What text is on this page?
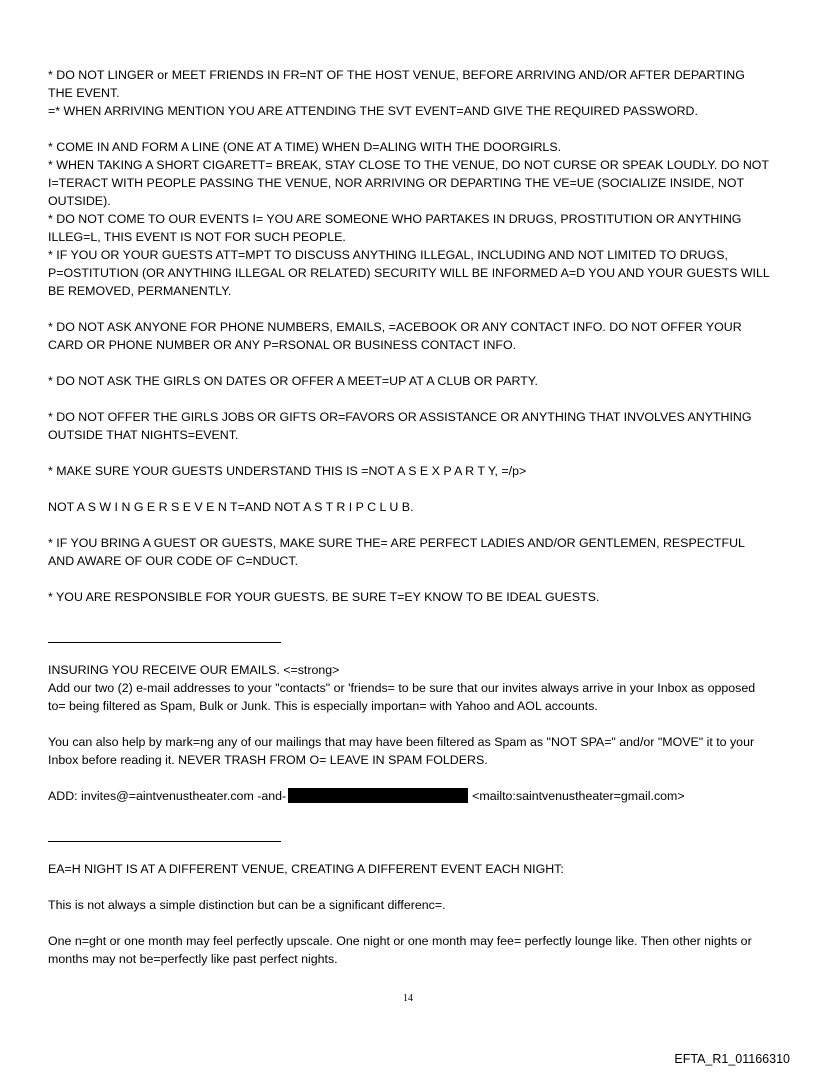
* DO NOT LINGER or MEET FRIENDS IN FR=NT OF THE HOST VENUE, BEFORE ARRIVING AND/OR AFTER DEPARTING THE EVENT.

=* WHEN ARRIVING MENTION YOU ARE ATTENDING THE SVT EVENT=AND GIVE THE REQUIRED PASSWORD.

* COME IN AND FORM A LINE (ONE AT A TIME) WHEN D=ALING WITH THE DOORGIRLS.

* WHEN TAKING A SHORT CIGARETT= BREAK, STAY CLOSE TO THE VENUE, DO NOT CURSE OR SPEAK LOUDLY. DO NOT I=TERACT WITH PEOPLE PASSING THE VENUE, NOR ARRIVING OR DEPARTING THE VE=UE (SOCIALIZE INSIDE, NOT OUTSIDE).

* DO NOT COME TO OUR EVENTS I= YOU ARE SOMEONE WHO PARTAKES IN DRUGS, PROSTITUTION OR ANYTHING ILLEG=L, THIS EVENT IS NOT FOR SUCH PEOPLE.

* IF YOU OR YOUR GUESTS ATT=MPT TO DISCUSS ANYTHING ILLEGAL, INCLUDING AND NOT LIMITED TO DRUGS, P=OSTITUTION (OR ANYTHING ILLEGAL OR RELATED) SECURITY WILL BE INFORMED A=D YOU AND YOUR GUESTS WILL BE REMOVED, PERMANENTLY.

* DO NOT ASK ANYONE FOR PHONE NUMBERS, EMAILS, =ACEBOOK OR ANY CONTACT INFO. DO NOT OFFER YOUR CARD OR PHONE NUMBER OR ANY P=RSONAL OR BUSINESS CONTACT INFO.

* DO NOT ASK THE GIRLS ON DATES OR OFFER A MEET=UP AT A CLUB OR PARTY.

* DO NOT OFFER THE GIRLS JOBS OR GIFTS OR=FAVORS OR ASSISTANCE OR ANYTHING THAT INVOLVES ANYTHING OUTSIDE THAT NIGHTS=EVENT.

* MAKE SURE YOUR GUESTS UNDERSTAND THIS IS =NOT A S E X P A R T Y, =/p>

NOT A S W I N G E R S E V E N T=AND NOT A S T R I P C L U B.

* IF YOU BRING A GUEST OR GUESTS, MAKE SURE THE= ARE PERFECT LADIES AND/OR GENTLEMEN, RESPECTFUL AND AWARE OF OUR CODE OF C=NDUCT.

* YOU ARE RESPONSIBLE FOR YOUR GUESTS. BE SURE T=EY KNOW TO BE IDEAL GUESTS.

INSURING YOU RECEIVE OUR EMAILS. <=strong>

Add our two (2) e-mail addresses to your "contacts" or 'friends= to be sure that our invites always arrive in your Inbox as opposed to= being filtered as Spam, Bulk or Junk. This is especially importan= with Yahoo and AOL accounts.

You can also help by mark=ng any of our mailings that may have been filtered as Spam as "NOT SPA=" and/or "MOVE" it to your Inbox before reading it. NEVER TRASH FROM O= LEAVE IN SPAM FOLDERS.

ADD: invites@=aintvenustheater.com -and-	<mailto:saintvenustheater=gmail.com>

EA=H NIGHT IS AT A DIFFERENT VENUE, CREATING A DIFFERENT EVENT EACH NIGHT:

This is not always a simple distinction but can be a significant differenc=.

One n=ght or one month may feel perfectly upscale. One night or one month may fee= perfectly lounge like. Then other nights or months may not be=perfectly like past perfect nights.

14
EFTA_R1_01166310
